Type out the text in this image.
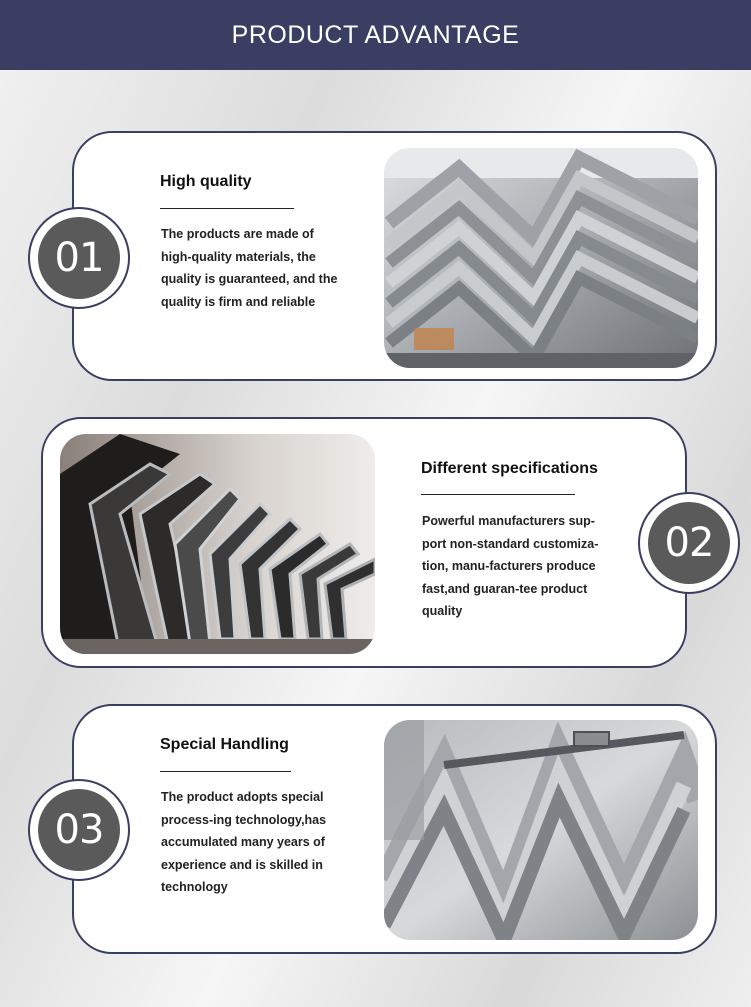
PRODUCT ADVANTAGE
01
High quality
The products are made of
high-quality materials, the
quality is guaranteed, and the
quality is firm and reliable
02
Different specifications
Powerful manufacturers sup-
port non-standard customiza-
tion, manu-facturers produce
fast,and guaran-tee product
quality
03
Special Handling
The product adopts special
process-ing technology,has
accumulated many years of
experience and is skilled in
technology
